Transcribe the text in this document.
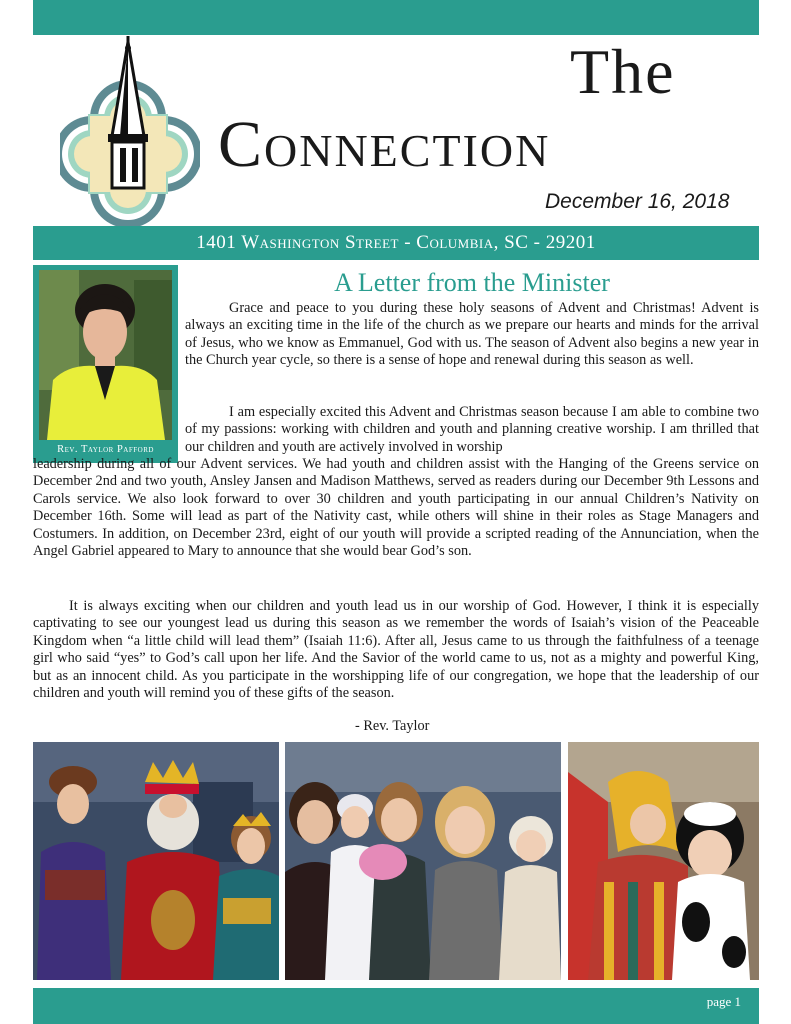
The
Connection
December 16, 2018
1401 Washington Street - Columbia, SC - 29201
Rev. Taylor Pafford
A Letter from the Minister
Grace and peace to you during these holy seasons of Advent and Christmas! Advent is always an exciting time in the life of the church as we prepare our hearts and minds for the arrival of Jesus, who we know as Emmanuel, God with us. The season of Advent also begins a new year in the Church year cycle, so there is a sense of hope and renewal during this season as well.
I am especially excited this Advent and Christmas season because I am able to combine two of my passions: working with children and youth and planning creative worship. I am thrilled that our children and youth are actively involved in worship
leadership during all of our Advent services. We had youth and children assist with the Hanging of the Greens service on December 2nd and two youth, Ansley Jansen and Madison Matthews, served as readers during our December 9th Lessons and Carols service. We also look forward to over 30 children and youth participating in our annual Children’s Nativity on December 16th. Some will lead as part of the Nativity cast, while others will shine in their roles as Stage Managers and Costumers. In addition, on December 23rd, eight of our youth will provide a scripted reading of the Annunciation, when the Angel Gabriel appeared to Mary to announce that she would bear God’s son.
It is always exciting when our children and youth lead us in our worship of God. However, I think it is especially captivating to see our youngest lead us during this season as we remember the words of Isaiah’s vision of the Peaceable Kingdom when “a little child will lead them” (Isaiah 11:6). After all, Jesus came to us through the faithfulness of a teenage girl who said “yes” to God’s call upon her life. And the Savior of the world came to us, not as a mighty and powerful King, but as an innocent child. As you participate in the worshipping life of our congregation, we hope that the leadership of our children and youth will remind you of these gifts of the season.
- Rev. Taylor
page 1
